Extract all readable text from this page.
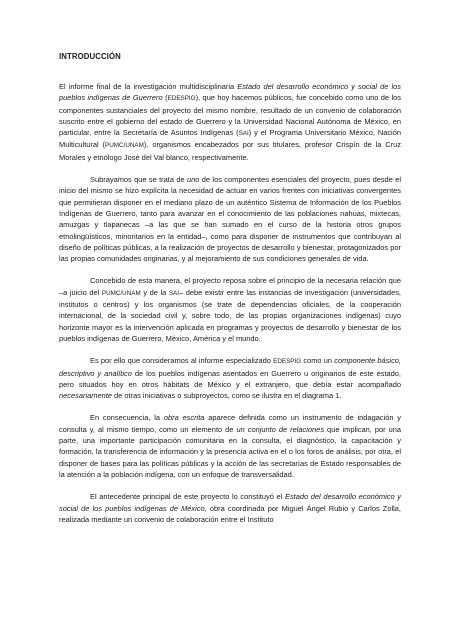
INTRODUCCIÓN

El informe final de la investigación multidisciplinaria Estado del desarrollo económico y social de los pueblos indígenas de Guerrero (EDESPIG), que hoy hacemos públicos, fue concebido como uno de los componentes sustanciales del proyecto del mismo nombre, resultado de un convenio de colaboración suscrito entre el gobierno del estado de Guerrero y la Universidad Nacional Autónoma de México, en particular, entre la Secretaría de Asuntos Indígenas (SAI) y el Programa Universitario México, Nación Multicultural (PUMC/UNAM), organismos encabezados por sus titulares, profesor Crispín de la Cruz Morales y etnólogo José del Val blanco, respectivamente.

Subrayamos que se trata de uno de los componentes esenciales del proyecto, pues desde el inicio del mismo se hizo explícita la necesidad de actuar en varios frentes con iniciativas convergentes que permitieran disponer en el mediano plazo de un auténtico Sistema de Información de los Pueblos Indígenas de Guerrero, tanto para avanzar en el conocimiento de las poblaciones nahuas, mixtecas, amuzgas y tlapanecas –a las que se han sumado en el curso de la historia otros grupos etnolingüísticos, minoritarios en la entidad–, como para disponer de instrumentos que contribuyan al diseño de políticas públicas, a la realización de proyectos de desarrollo y bienestar, protagonizados por las propias comunidades originarias, y al mejoramiento de sus condiciones generales de vida.

Concebido de esta manera, el proyecto reposa sobre el principio de la necesaria relación que –a juicio del PUMC/UNAM y de la SAI– debe existir entre las instancias de investigación (universidades, institutos o centros) y los organismos (se trate de dependencias oficiales, de la cooperación internacional, de la sociedad civil y, sobre todo, de las propias organizaciones indígenas) cuyo horizonte mayor es la intervención aplicada en programas y proyectos de desarrollo y bienestar de los pueblos indígenas de Guerrero, México, América y el mundo.

Es por ello que consideramos al informe especializado EDESPIG como un componente básico, descriptivo y analítico de los pueblos indígenas asentados en Guerrero u originarios de este estado, pero situados hoy en otros hábitats de México y el extranjero, que debía estar acompañado necesariamente de otras iniciativas o subproyectos, como se ilustra en el diagrama 1.

En consecuencia, la obra escrita aparece definida como un instrumento de indagación y consulta y, al mismo tiempo, como un elemento de un conjunto de relaciones que implican, por una parte, una importante participación comunitaria en la consulta, el diagnóstico, la capacitación y formación, la transferencia de información y la presencia activa en el o los foros de análisis; por otra, el disponer de bases para las políticas públicas y la acción de las secretarías de Estado responsables de la atención a la población indígena, con un enfoque de transversalidad.

El antecedente principal de este proyecto lo constituyó el Estado del desarrollo económico y social de los pueblos indígenas de México, obra coordinada por Miguel Ángel Rubio y Carlos Zolla, realizada mediante un convenio de colaboración entre el Instituto
